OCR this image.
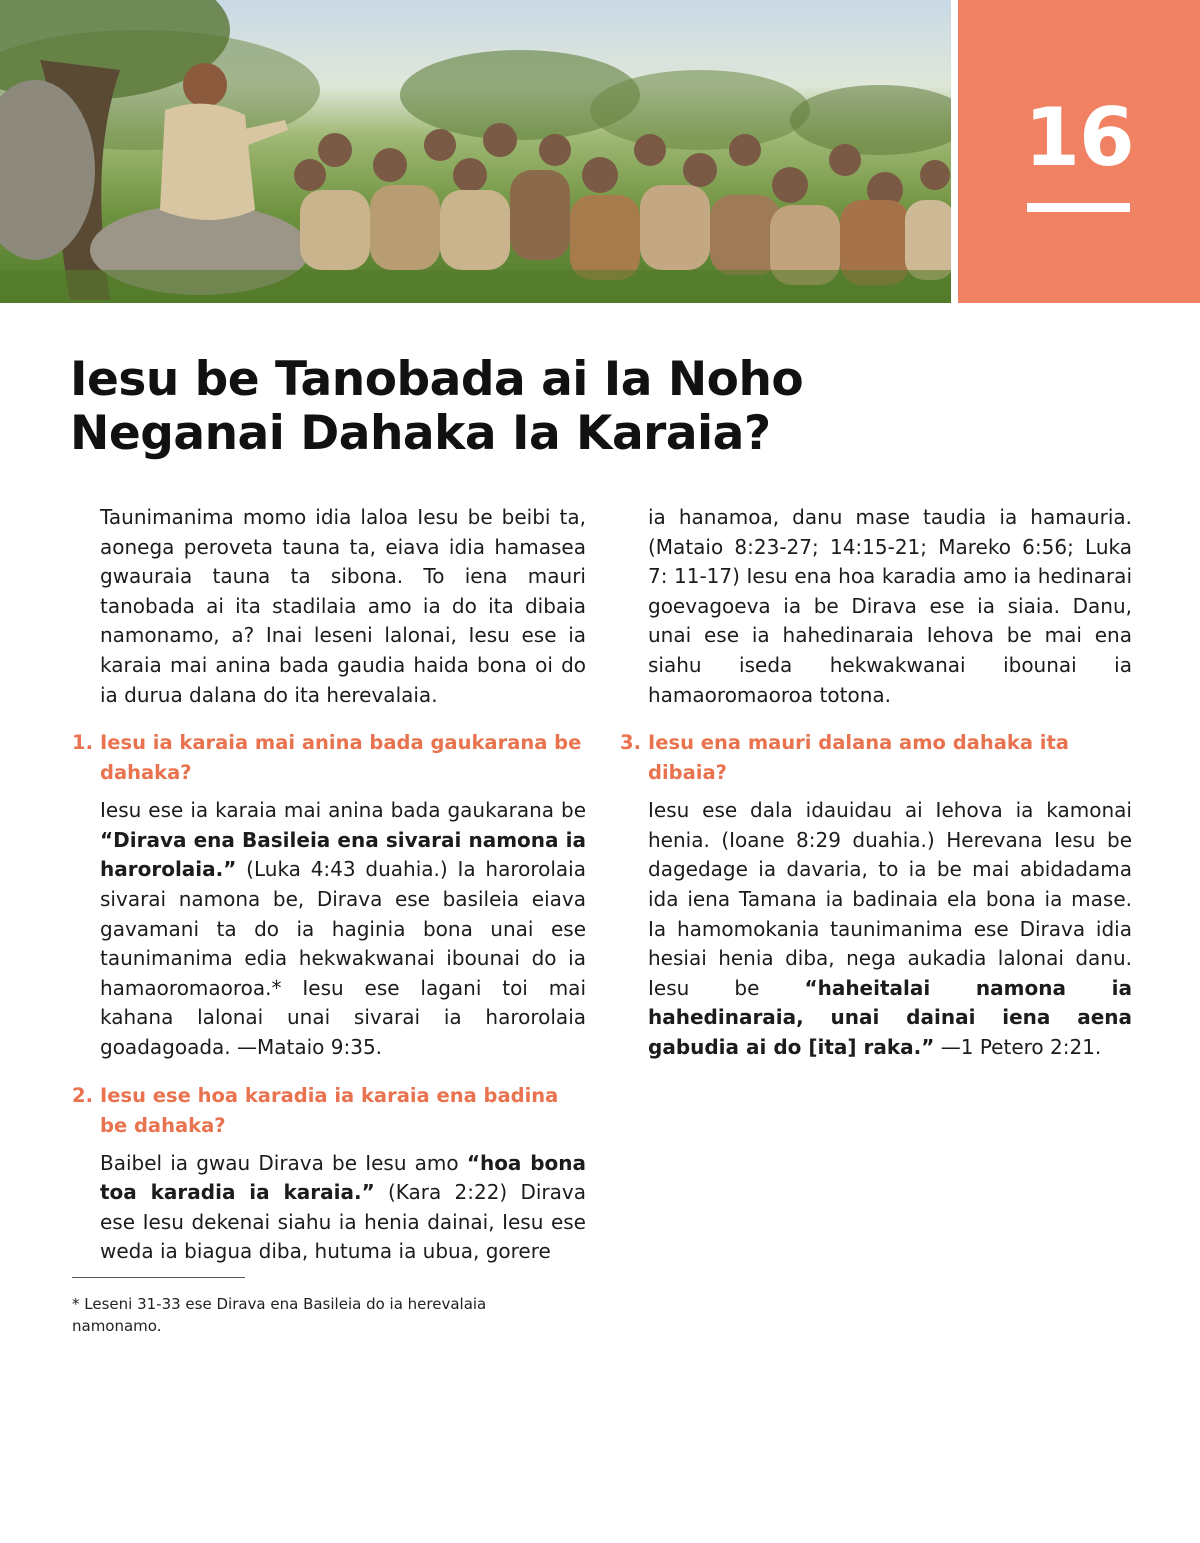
16
Iesu be Tanobada ai Ia Noho
Neganai Dahaka Ia Karaia?

Taunimanima momo idia laloa Iesu be beibi ta, aonega peroveta tauna ta, eiava idia hamasea gwauraia tauna ta sibona. To iena mauri tanobada ai ita stadilaia amo ia do ita dibaia namonamo, a? Inai leseni lalonai, Iesu ese ia karaia mai anina bada gaudia haida bona oi do ia durua dalana do ita herevalaia.

1. Iesu ia karaia mai anina bada gaukarana be dahaka?

Iesu ese ia karaia mai anina bada gaukarana be “Dirava ena Basileia ena sivarai namona ia harorolaia.” (Luka 4:43 duahia.) Ia harorolaia sivarai namona be, Dirava ese basileia eiava gavamani ta do ia haginia bona unai ese taunimanima edia hekwakwanai ibounai do ia hamaoromaoroa.* Iesu ese lagani toi mai kahana lalonai unai sivarai ia harorolaia goadagoada. —Mataio 9:35.

2. Iesu ese hoa karadia ia karaia ena badina be dahaka?

Baibel ia gwau Dirava be Iesu amo “hoa bona toa karadia ia karaia.” (Kara 2:22) Dirava ese Iesu dekenai siahu ia henia dainai, Iesu ese weda ia biagua diba, hutuma ia ubua, gorere

ia hanamoa, danu mase taudia ia hamauria. (Mataio 8:23-27; 14:15-21; Mareko 6:56; Luka 7: 11-17) Iesu ena hoa karadia amo ia hedinarai goevagoeva ia be Dirava ese ia siaia. Danu, unai ese ia hahedinaraia Iehova be mai ena siahu iseda hekwakwanai ibounai ia hamaoromaoroa totona.

3. Iesu ena mauri dalana amo dahaka ita dibaia?

Iesu ese dala idauidau ai Iehova ia kamonai henia. (Ioane 8:29 duahia.) Herevana Iesu be dagedage ia davaria, to ia be mai abidadama ida iena Tamana ia badinaia ela bona ia mase. Ia hamomokania taunimanima ese Dirava idia hesiai henia diba, nega aukadia lalonai danu. Iesu be “haheitalai namona ia hahedinaraia, unai dainai iena aena gabudia ai do [ita] raka.” —1 Petero 2:21.

* Leseni 31-33 ese Dirava ena Basileia do ia herevalaia namonamo.
